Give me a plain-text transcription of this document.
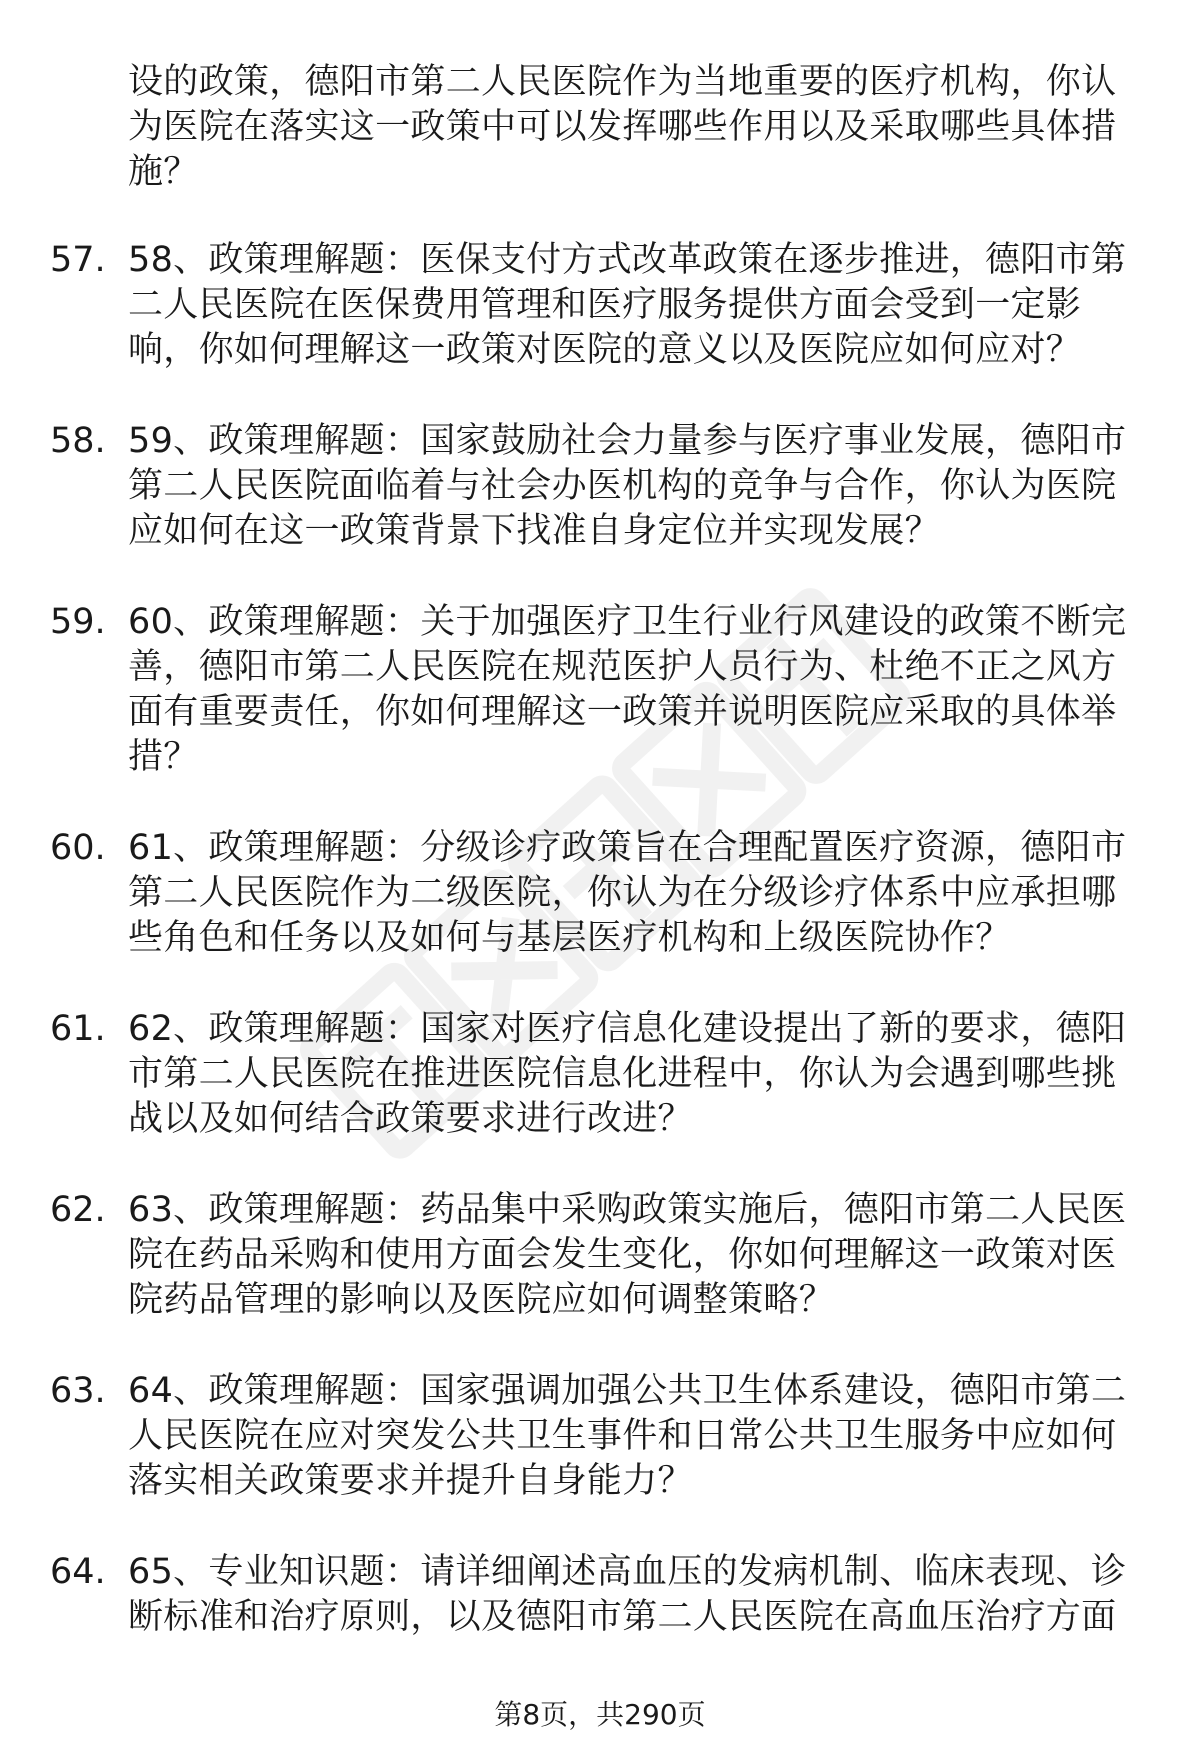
设的政策，德阳市第二人民医院作为当地重要的医疗机构，你认为医院在落实这一政策中可以发挥哪些作用以及采取哪些具体措施？
57. 58、政策理解题：医保支付方式改革政策在逐步推进，德阳市第二人民医院在医保费用管理和医疗服务提供方面会受到一定影响，你如何理解这一政策对医院的意义以及医院应如何应对？
58. 59、政策理解题：国家鼓励社会力量参与医疗事业发展，德阳市第二人民医院面临着与社会办医机构的竞争与合作，你认为医院应如何在这一政策背景下找准自身定位并实现发展？
59. 60、政策理解题：关于加强医疗卫生行业行风建设的政策不断完善，德阳市第二人民医院在规范医护人员行为、杜绝不正之风方面有重要责任，你如何理解这一政策并说明医院应采取的具体举措？
60. 61、政策理解题：分级诊疗政策旨在合理配置医疗资源，德阳市第二人民医院作为二级医院，你认为在分级诊疗体系中应承担哪些角色和任务以及如何与基层医疗机构和上级医院协作？
61. 62、政策理解题：国家对医疗信息化建设提出了新的要求，德阳市第二人民医院在推进医院信息化进程中，你认为会遇到哪些挑战以及如何结合政策要求进行改进？
62. 63、政策理解题：药品集中采购政策实施后，德阳市第二人民医院在药品采购和使用方面会发生变化，你如何理解这一政策对医院药品管理的影响以及医院应如何调整策略？
63. 64、政策理解题：国家强调加强公共卫生体系建设，德阳市第二人民医院在应对突发公共卫生事件和日常公共卫生服务中应如何落实相关政策要求并提升自身能力？
64. 65、专业知识题：请详细阐述高血压的发病机制、临床表现、诊断标准和治疗原则，以及德阳市第二人民医院在高血压治疗方面
第8页，共290页
